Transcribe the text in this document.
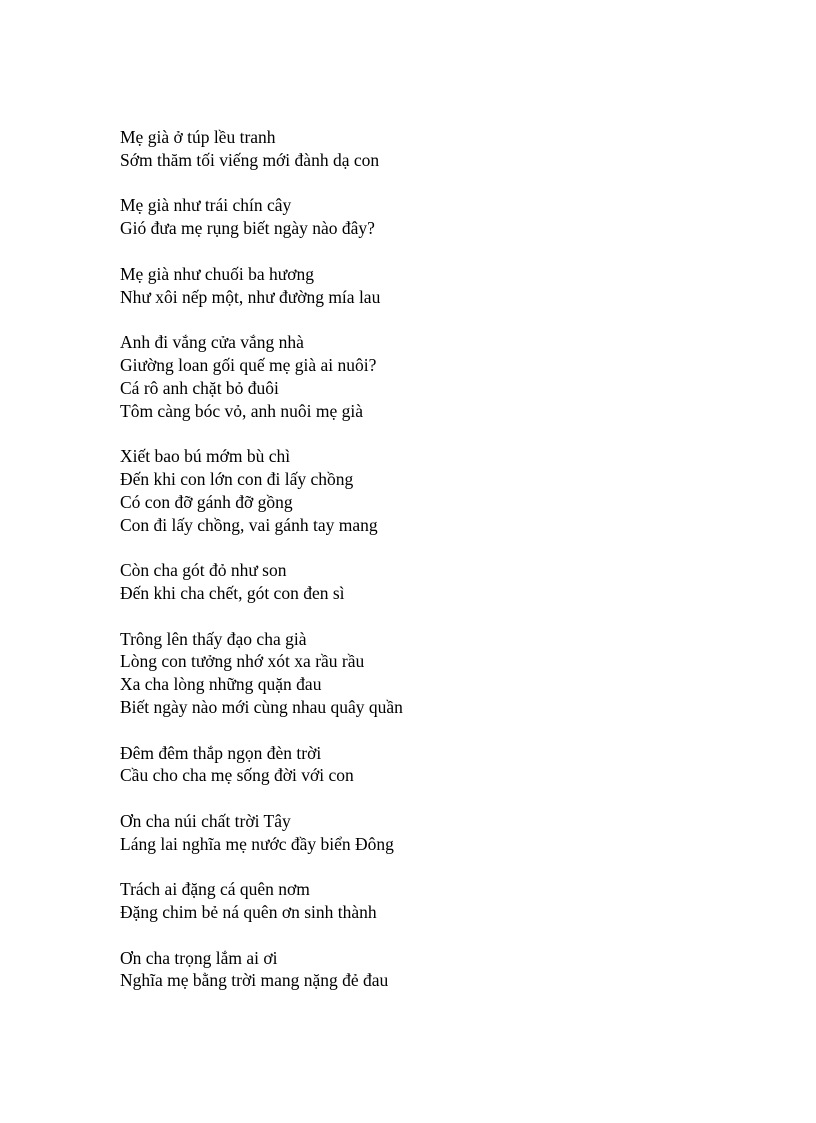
Mẹ già ở túp lều tranh
Sớm thăm tối viếng mới đành dạ con
Mẹ già như trái chín cây
Gió đưa mẹ rụng biết ngày nào đây?
Mẹ già như chuối ba hương
Như xôi nếp một, như đường mía lau
Anh đi vắng cửa vắng nhà
Giường loan gối quế mẹ già ai nuôi?
Cá rô anh chặt bỏ đuôi
Tôm càng bóc vỏ, anh nuôi mẹ già
Xiết bao bú mớm bù chì
Đến khi con lớn con đi lấy chồng
Có con đỡ gánh đỡ gồng
Con đi lấy chồng, vai gánh tay mang
Còn cha gót đỏ như son
Đến khi cha chết, gót con đen sì
Trông lên thấy đạo cha già
Lòng con tưởng nhớ xót xa rầu rầu
Xa cha lòng những quặn đau
Biết ngày nào mới cùng nhau quây quần
Đêm đêm thắp ngọn đèn trời
Cầu cho cha mẹ sống đời với con
Ơn cha núi chất trời Tây
Láng lai nghĩa mẹ nước đầy biển Đông
Trách ai đặng cá quên nơm
Đặng chim bẻ ná quên ơn sinh thành
Ơn cha trọng lắm ai ơi
Nghĩa mẹ bằng trời mang nặng đẻ đau
